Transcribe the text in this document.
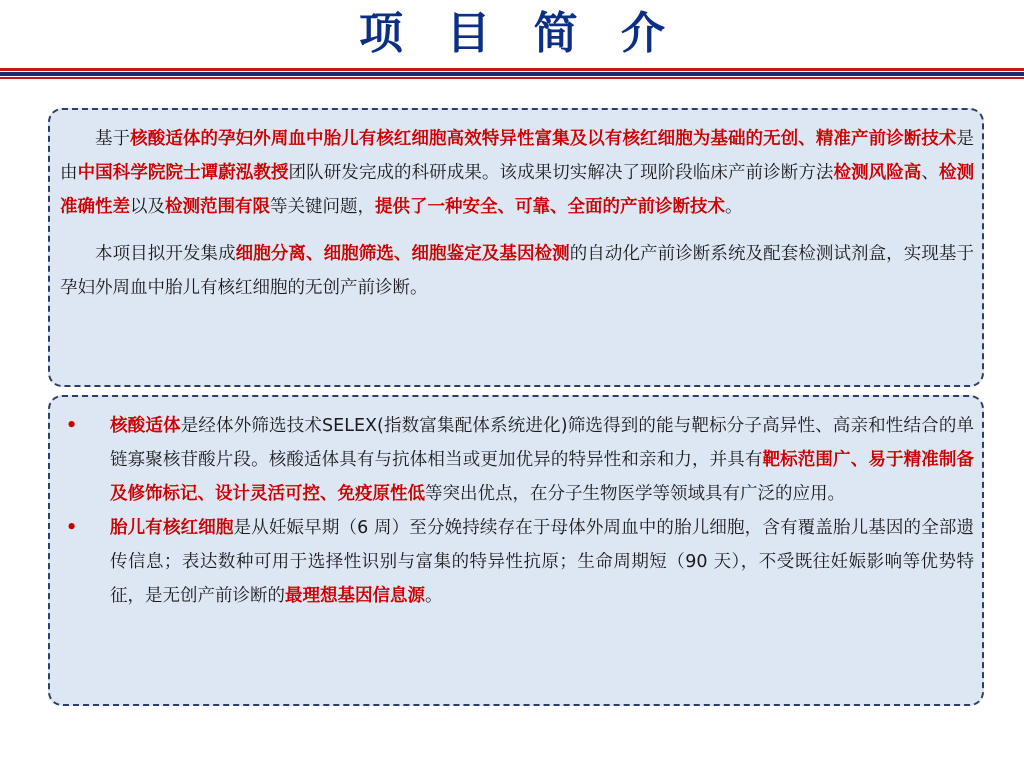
项 目 简 介

基于核酸适体的孕妇外周血中胎儿有核红细胞高效特异性富集及以有核红细胞为基础的无创、精准产前诊断技术是由中国科学院院士谭蔚泓教授团队研发完成的科研成果。该成果切实解决了现阶段临床产前诊断方法检测风险高、检测准确性差以及检测范围有限等关键问题，提供了一种安全、可靠、全面的产前诊断技术。

本项目拟开发集成细胞分离、细胞筛选、细胞鉴定及基因检测的自动化产前诊断系统及配套检测试剂盒，实现基于孕妇外周血中胎儿有核红细胞的无创产前诊断。

• 核酸适体是经体外筛选技术SELEX(指数富集配体系统进化)筛选得到的能与靶标分子高异性、高亲和性结合的单链寡聚核苷酸片段。核酸适体具有与抗体相当或更加优异的特异性和亲和力，并具有靶标范围广、易于精准制备及修饰标记、设计灵活可控、免疫原性低等突出优点，在分子生物医学等领域具有广泛的应用。

• 胎儿有核红细胞是从妊娠早期（6 周）至分娩持续存在于母体外周血中的胎儿细胞，含有覆盖胎儿基因的全部遗传信息；表达数种可用于选择性识别与富集的特异性抗原；生命周期短（90 天），不受既往妊娠影响等优势特征，是无创产前诊断的最理想基因信息源。
